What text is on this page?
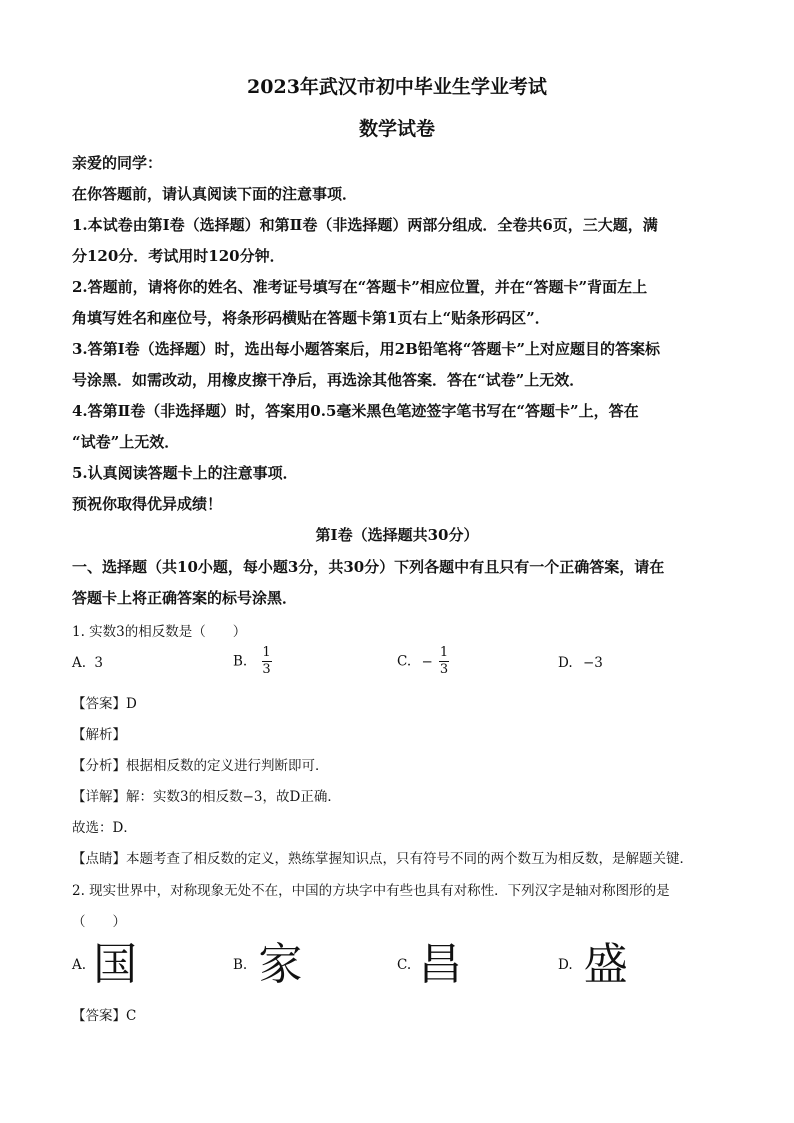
2023年武汉市初中毕业生学业考试
数学试卷
亲爱的同学：
在你答题前，请认真阅读下面的注意事项．
1.本试卷由第Ⅰ卷（选择题）和第Ⅱ卷（非选择题）两部分组成．全卷共6页，三大题，满
分120分．考试用时120分钟．
2.答题前，请将你的姓名、准考证号填写在“答题卡”相应位置，并在“答题卡”背面左上
角填写姓名和座位号，将条形码横贴在答题卡第1页右上“贴条形码区”．
3.答第Ⅰ卷（选择题）时，选出每小题答案后，用2B铅笔将“答题卡”上对应题目的答案标
号涂黑．如需改动，用橡皮擦干净后，再选涂其他答案．答在“试卷”上无效．
4.答第Ⅱ卷（非选择题）时，答案用0.5毫米黑色笔迹签字笔书写在“答题卡”上，答在
“试卷”上无效．
5.认真阅读答题卡上的注意事项．
预祝你取得优异成绩！
第Ⅰ卷（选择题共30分）
一、选择题（共10小题，每小题3分，共30分）下列各题中有且只有一个正确答案，请在
答题卡上将正确答案的标号涂黑．
1. 实数3的相反数是（　　）
A. 3	B. $\frac{1}{3}$	C. − $\frac{1}{3}$	D. −3
【答案】D
【解析】
【分析】根据相反数的定义进行判断即可．
【详解】解：实数3的相反数−3，故D正确．
故选：D．
【点睛】本题考查了相反数的定义，熟练掌握知识点，只有符号不同的两个数互为相反数，是解题关键．
2. 现实世界中，对称现象无处不在，中国的方块字中有些也具有对称性．下列汉字是轴对称图形的是
（　　）
A. 国	B. 家	C. 昌	D. 盛
【答案】C
